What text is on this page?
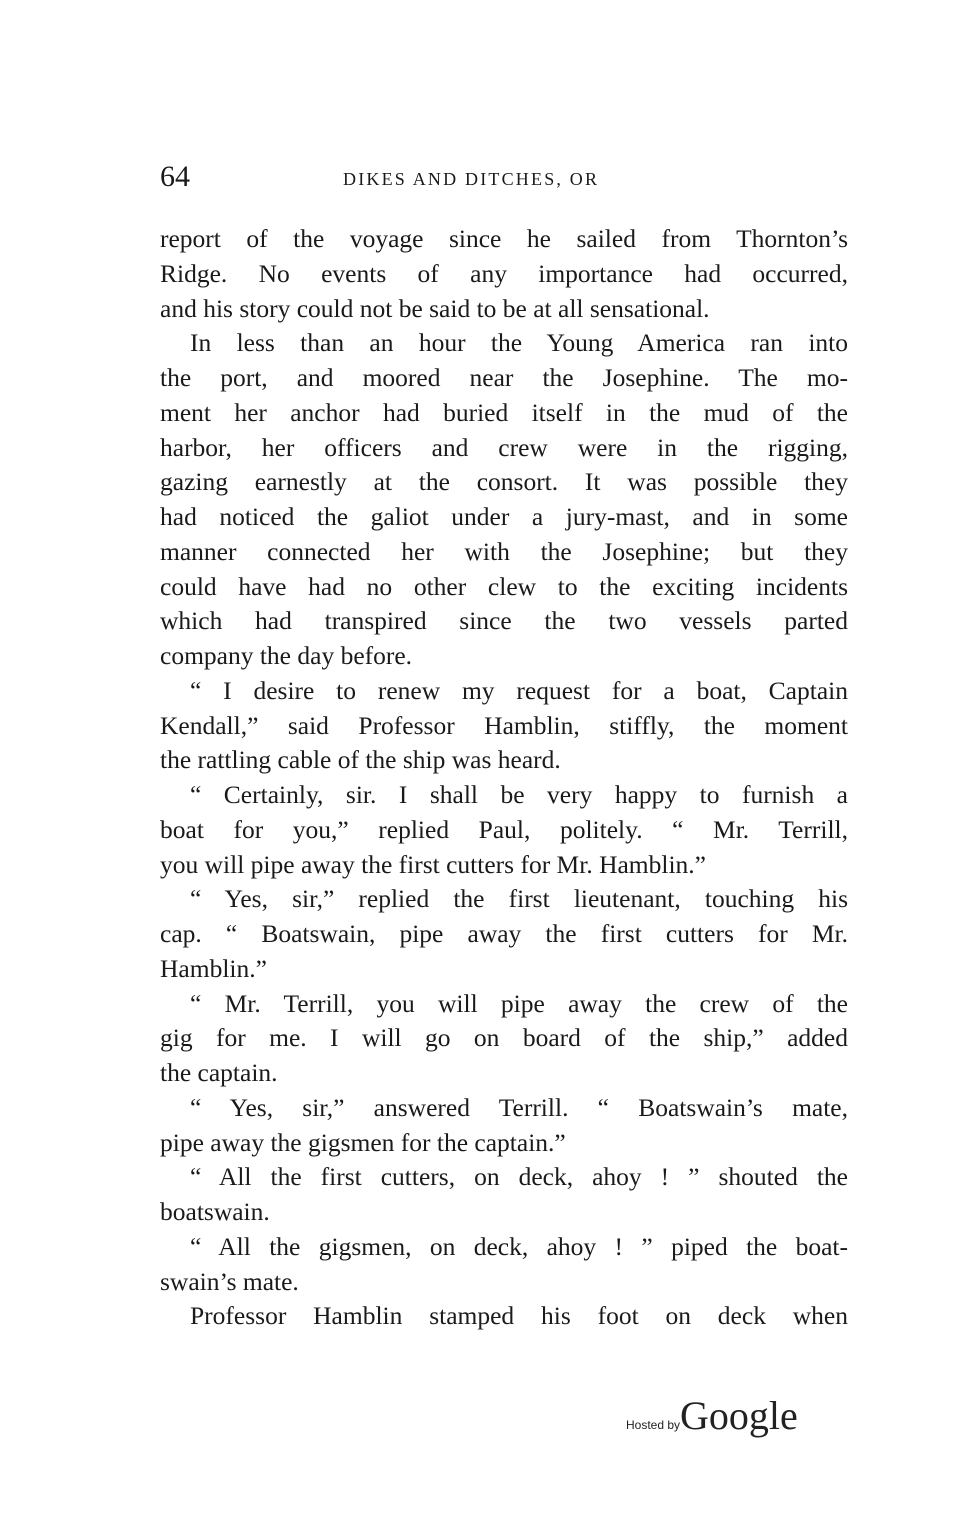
64	DIKES AND DITCHES, OR
report of the voyage since he sailed from Thornton’s
Ridge. No events of any importance had occurred,
and his story could not be said to be at all sensational.
In less than an hour the Young America ran into
the port, and moored near the Josephine. The mo-
ment her anchor had buried itself in the mud of the
harbor, her officers and crew were in the rigging,
gazing earnestly at the consort. It was possible they
had noticed the galiot under a jury-mast, and in some
manner connected her with the Josephine; but they
could have had no other clew to the exciting incidents
which had transpired since the two vessels parted
company the day before.
“ I desire to renew my request for a boat, Captain
Kendall,” said Professor Hamblin, stiffly, the moment
the rattling cable of the ship was heard.
“ Certainly, sir. I shall be very happy to furnish a
boat for you,” replied Paul, politely. “ Mr. Terrill,
you will pipe away the first cutters for Mr. Hamblin.”
“ Yes, sir,” replied the first lieutenant, touching his
cap. “ Boatswain, pipe away the first cutters for Mr.
Hamblin.”
“ Mr. Terrill, you will pipe away the crew of the
gig for me. I will go on board of the ship,” added
the captain.
“ Yes, sir,” answered Terrill. “ Boatswain’s mate,
pipe away the gigsmen for the captain.”
“ All the first cutters, on deck, ahoy ! ” shouted the
boatswain.
“ All the gigsmen, on deck, ahoy ! ” piped the boat-
swain’s mate.
Professor Hamblin stamped his foot on deck when
Hosted byGoogle
